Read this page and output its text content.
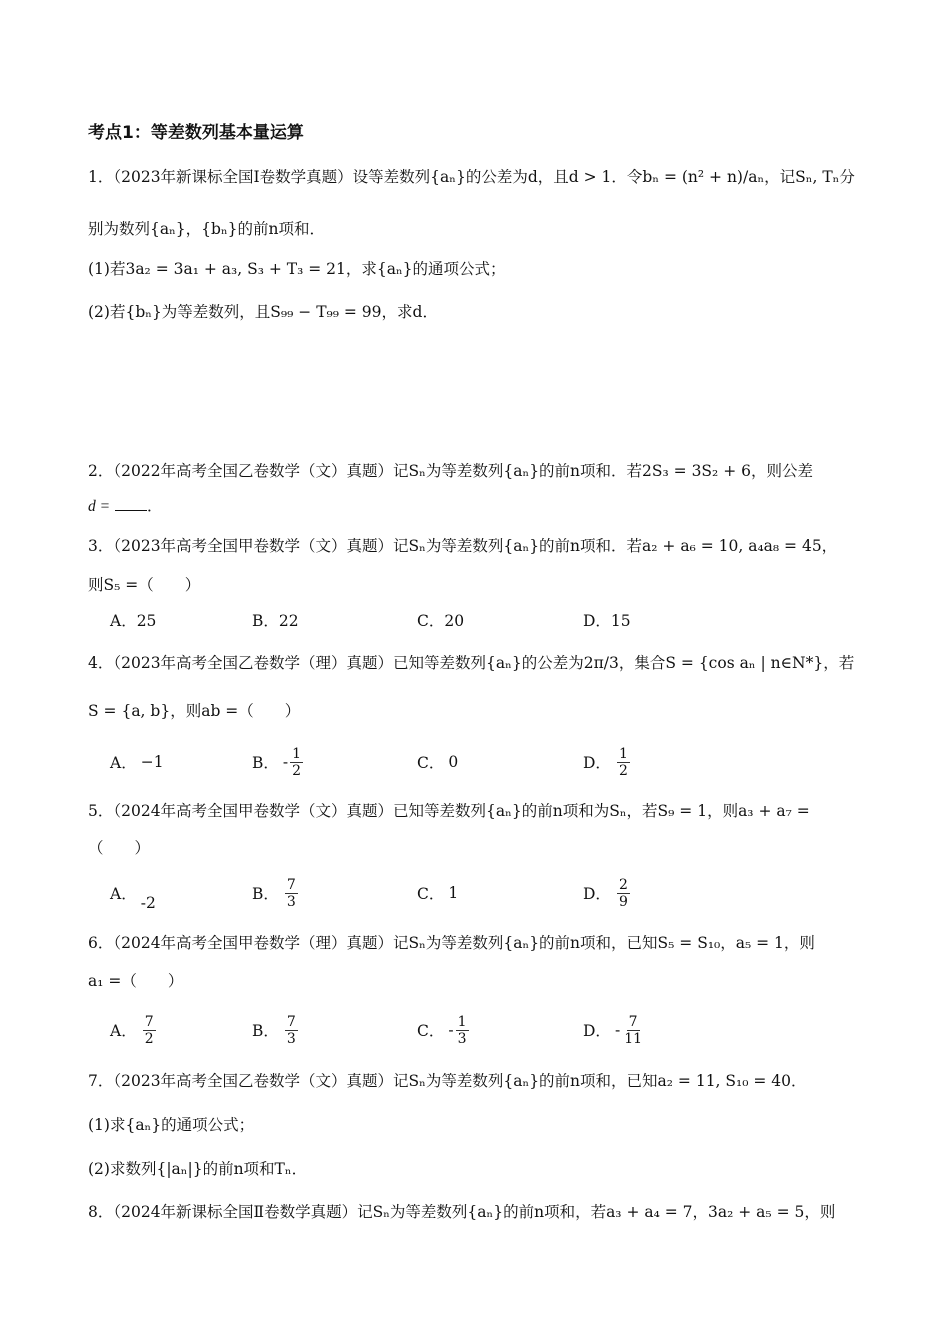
考点1：等差数列基本量运算
1．（2023年新课标全国Ⅰ卷数学真题）设等差数列{aₙ}的公差为d，且d > 1．令bₙ = (n² + n)/aₙ，记Sₙ, Tₙ分
别为数列{aₙ}，{bₙ}的前n项和．
(1)若3a₂ = 3a₁ + a₃, S₃ + T₃ = 21，求{aₙ}的通项公式；
(2)若{bₙ}为等差数列，且S₉₉ − T₉₉ = 99，求d．
2．（2022年高考全国乙卷数学（文）真题）记Sₙ为等差数列{aₙ}的前n项和．若2S₃ = 3S₂ + 6，则公差
d = ．
3．（2023年高考全国甲卷数学（文）真题）记Sₙ为等差数列{aₙ}的前n项和．若a₂ + a₆ = 10, a₄a₈ = 45，
则S₅ =（　　）
A．25	B．22	C．20	D．15
4．（2023年高考全国乙卷数学（理）真题）已知等差数列{aₙ}的公差为2π/3，集合S = {cos aₙ | n∈N*}，若
S = {a, b}，则ab =（　　）
A． −1	B． - $\frac{1}{2}$	C． 0	D． $\frac{1}{2}$
5．（2024年高考全国甲卷数学（文）真题）已知等差数列{aₙ}的前n项和为Sₙ，若S₉ = 1，则a₃ + a₇ =
（　　）
A． -2	B． $\frac{7}{3}$	C． 1	D． $\frac{2}{9}$
6．（2024年高考全国甲卷数学（理）真题）记Sₙ为等差数列{aₙ}的前n项和，已知S₅ = S₁₀，a₅ = 1，则
a₁ =（　　）
A． $\frac{7}{2}$	B． $\frac{7}{3}$	C． - $\frac{1}{3}$	D． - $\frac{7}{11}$
7．（2023年高考全国乙卷数学（文）真题）记Sₙ为等差数列{aₙ}的前n项和，已知a₂ = 11, S₁₀ = 40．
(1)求{aₙ}的通项公式；
(2)求数列{|aₙ|}的前n项和Tₙ．
8．（2024年新课标全国Ⅱ卷数学真题）记Sₙ为等差数列{aₙ}的前n项和，若a₃ + a₄ = 7，3a₂ + a₅ = 5，则
